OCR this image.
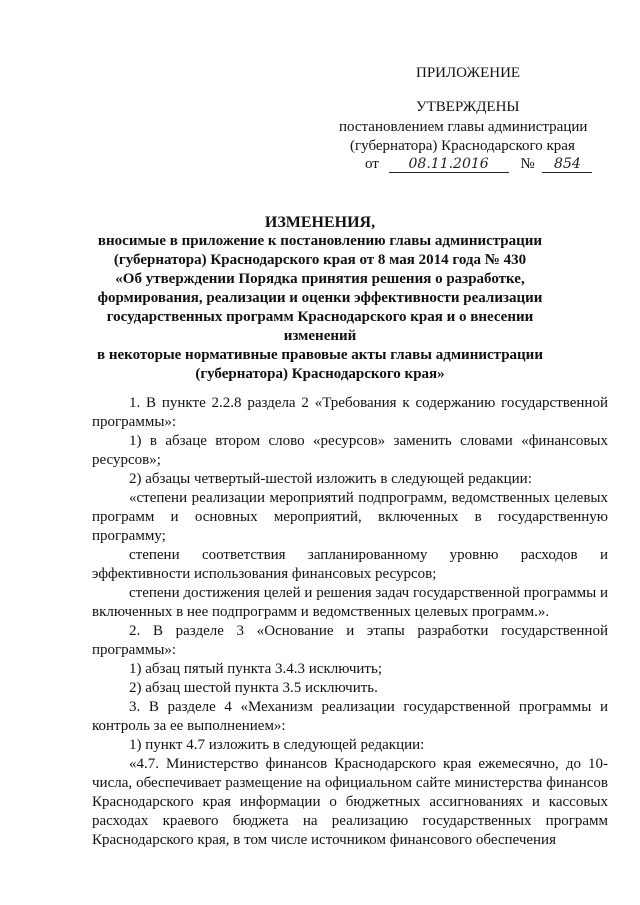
ПРИЛОЖЕНИЕ
УТВЕРЖДЕНЫ
постановлением главы администрации
(губернатора) Краснодарского края
от 08.11.2016 № 854
ИЗМЕНЕНИЯ,
вносимые в приложение к постановлению главы администрации
(губернатора) Краснодарского края от 8 мая 2014 года № 430
«Об утверждении Порядка принятия решения о разработке,
формирования, реализации и оценки эффективности реализации
государственных программ Краснодарского края и о внесении изменений
в некоторые нормативные правовые акты главы администрации
(губернатора) Краснодарского края»

1. В пункте 2.2.8 раздела 2 «Требования к содержанию государственной программы»:

1) в абзаце втором слово «ресурсов» заменить словами «финансовых ресурсов»;

2) абзацы четвертый-шестой изложить в следующей редакции:

«степени реализации мероприятий подпрограмм, ведомственных целевых программ и основных мероприятий, включенных в государственную программу;

степени соответствия запланированному уровню расходов и эффективности использования финансовых ресурсов;

степени достижения целей и решения задач государственной программы и включенных в нее подпрограмм и ведомственных целевых программ.».

2. В разделе 3 «Основание и этапы разработки государственной программы»:

1) абзац пятый пункта 3.4.3 исключить;

2) абзац шестой пункта 3.5 исключить.

3. В разделе 4 «Механизм реализации государственной программы и контроль за ее выполнением»:

1) пункт 4.7 изложить в следующей редакции:

«4.7. Министерство финансов Краснодарского края ежемесячно, до 10-числа, обеспечивает размещение на официальном сайте министерства финансов Краснодарского края информации о бюджетных ассигнованиях и кассовых расходах краевого бюджета на реализацию государственных программ Краснодарского края, в том числе источником финансового обеспечения
